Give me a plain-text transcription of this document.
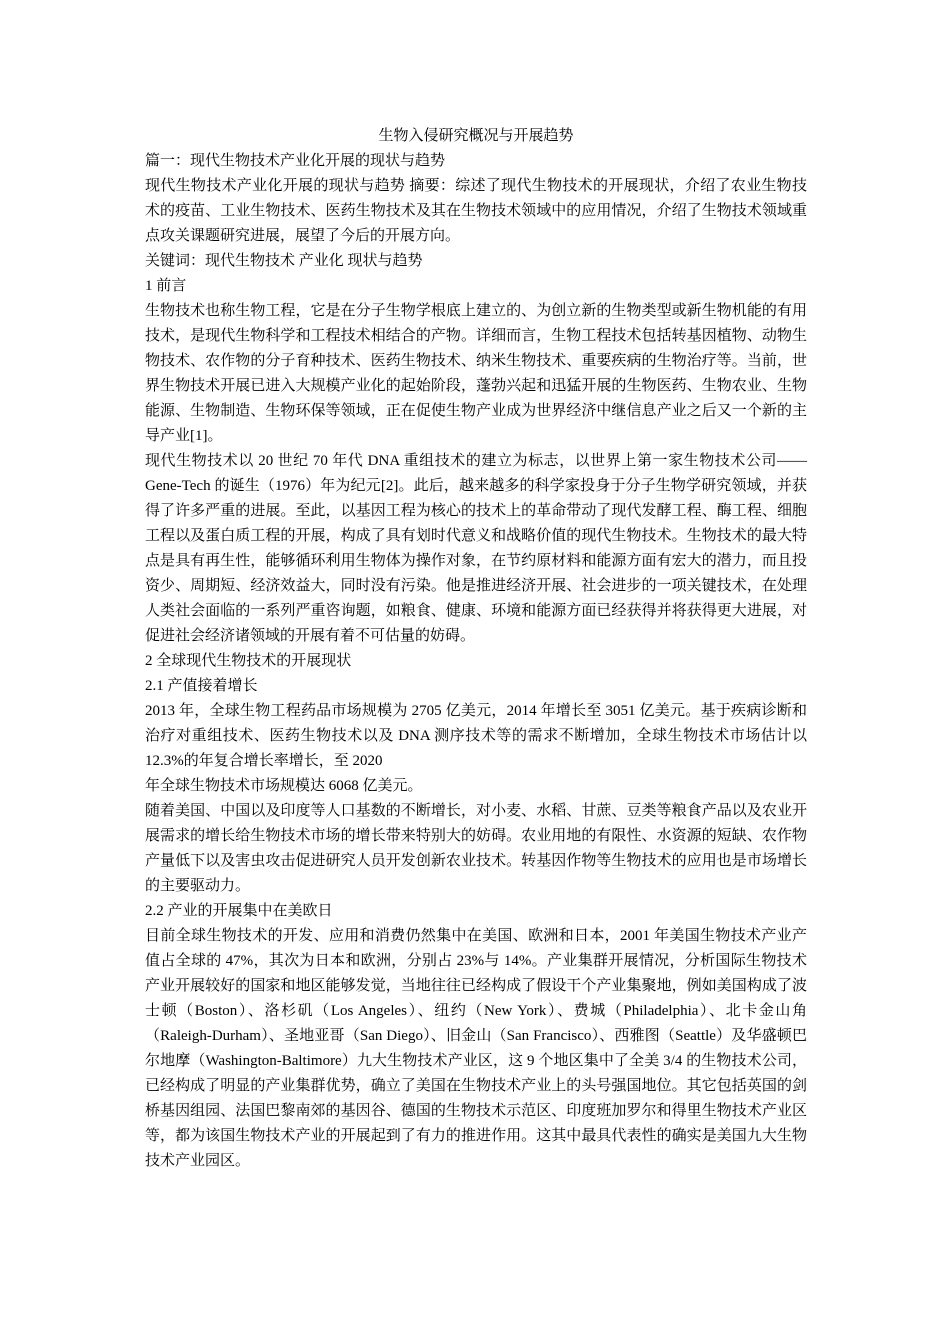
生物入侵研究概况与开展趋势

篇一：现代生物技术产业化开展的现状与趋势

现代生物技术产业化开展的现状与趋势 摘要：综述了现代生物技术的开展现状，介绍了农业生物技术的疫苗、工业生物技术、医药生物技术及其在生物技术领域中的应用情况，介绍了生物技术领域重点攻关课题研究进展，展望了今后的开展方向。

关键词：现代生物技术 产业化 现状与趋势

1 前言

生物技术也称生物工程，它是在分子生物学根底上建立的、为创立新的生物类型或新生物机能的有用技术，是现代生物科学和工程技术相结合的产物。详细而言，生物工程技术包括转基因植物、动物生物技术、农作物的分子育种技术、医药生物技术、纳米生物技术、重要疾病的生物治疗等。当前，世界生物技术开展已进入大规模产业化的起始阶段，蓬勃兴起和迅猛开展的生物医药、生物农业、生物能源、生物制造、生物环保等领域，正在促使生物产业成为世界经济中继信息产业之后又一个新的主导产业[1]。

现代生物技术以 20 世纪 70 年代 DNA 重组技术的建立为标志，以世界上第一家生物技术公司——Gene-Tech 的诞生（1976）年为纪元[2]。此后，越来越多的科学家投身于分子生物学研究领域，并获得了许多严重的进展。至此，以基因工程为核心的技术上的革命带动了现代发酵工程、酶工程、细胞工程以及蛋白质工程的开展，构成了具有划时代意义和战略价值的现代生物技术。生物技术的最大特点是具有再生性，能够循环利用生物体为操作对象，在节约原材料和能源方面有宏大的潜力，而且投资少、周期短、经济效益大，同时没有污染。他是推进经济开展、社会进步的一项关键技术，在处理人类社会面临的一系列严重咨询题，如粮食、健康、环境和能源方面已经获得并将获得更大进展，对促进社会经济诸领域的开展有着不可估量的妨碍。

2 全球现代生物技术的开展现状

2.1 产值接着增长

2013 年，全球生物工程药品市场规模为 2705 亿美元，2014 年增长至 3051 亿美元。基于疾病诊断和治疗对重组技术、医药生物技术以及 DNA 测序技术等的需求不断增加，全球生物技术市场估计以 12.3%的年复合增长率增长，至 2020

年全球生物技术市场规模达 6068 亿美元。

随着美国、中国以及印度等人口基数的不断增长，对小麦、水稻、甘蔗、豆类等粮食产品以及农业开展需求的增长给生物技术市场的增长带来特别大的妨碍。农业用地的有限性、水资源的短缺、农作物产量低下以及害虫攻击促进研究人员开发创新农业技术。转基因作物等生物技术的应用也是市场增长的主要驱动力。

2.2 产业的开展集中在美欧日

目前全球生物技术的开发、应用和消费仍然集中在美国、欧洲和日本，2001 年美国生物技术产业产值占全球的 47%，其次为日本和欧洲，分别占 23%与 14%。产业集群开展情况，分析国际生物技术产业开展较好的国家和地区能够发觉，当地往往已经构成了假设干个产业集聚地，例如美国构成了波士顿（Boston）、洛杉矶（Los Angeles）、纽约（New York）、费城（Philadelphia）、北卡金山角（Raleigh-Durham）、圣地亚哥（San Diego）、旧金山（San Francisco）、西雅图（Seattle）及华盛顿巴尔地摩（Washington-Baltimore）九大生物技术产业区，这 9 个地区集中了全美 3/4 的生物技术公司，已经构成了明显的产业集群优势，确立了美国在生物技术产业上的头号强国地位。其它包括英国的剑桥基因组园、法国巴黎南郊的基因谷、德国的生物技术示范区、印度班加罗尔和得里生物技术产业区等，都为该国生物技术产业的开展起到了有力的推进作用。这其中最具代表性的确实是美国九大生物技术产业园区。
